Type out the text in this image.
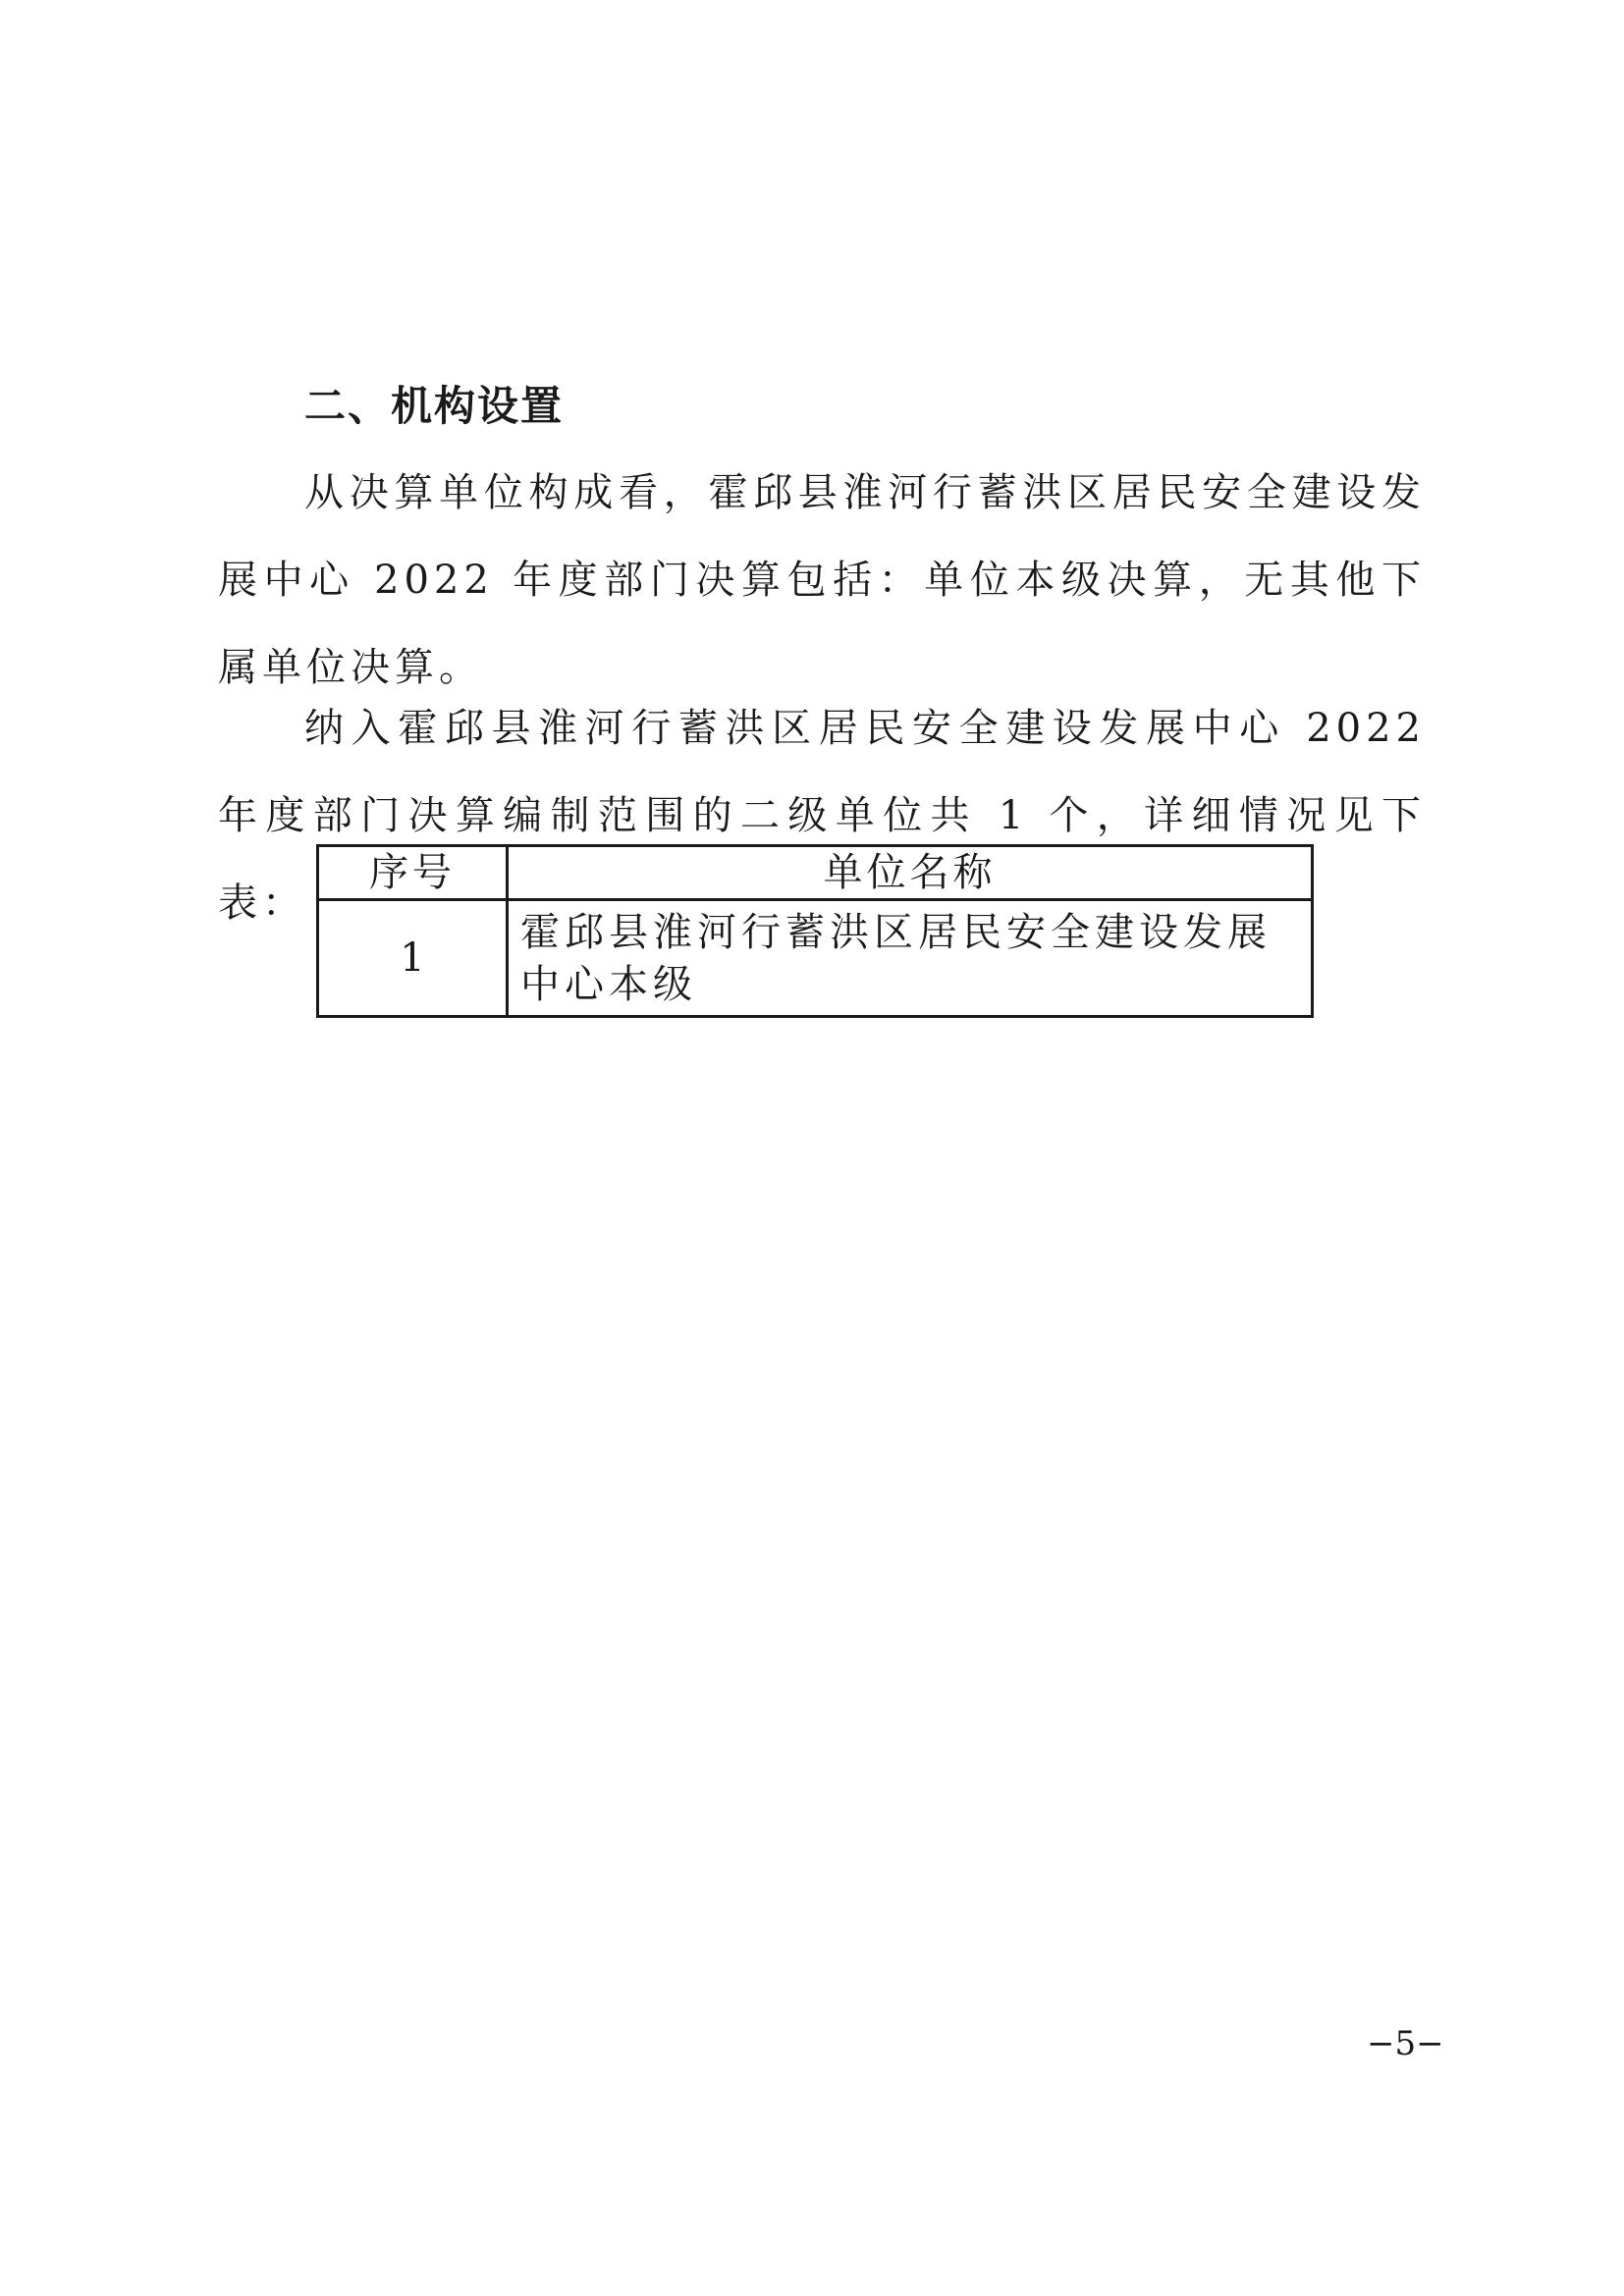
二、机构设置

从决算单位构成看，霍邱县淮河行蓄洪区居民安全建设发展中心 2022 年度部门决算包括：单位本级决算，无其他下属单位决算。

纳入霍邱县淮河行蓄洪区居民安全建设发展中心 2022 年度部门决算编制范围的二级单位共 1 个，详细情况见下表：

序号	单位名称
1	霍邱县淮河行蓄洪区居民安全建设发展中心本级

−5−
